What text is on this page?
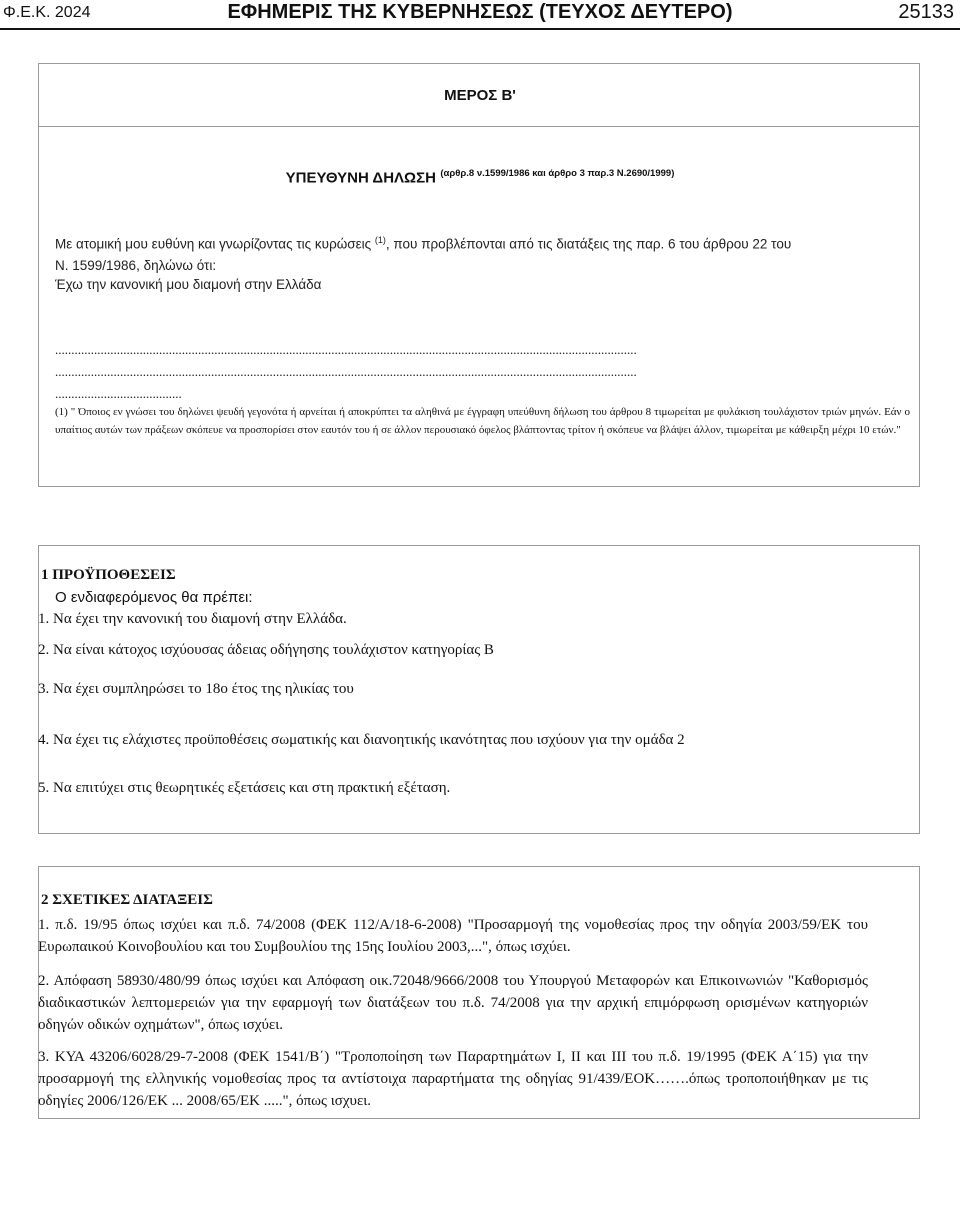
Φ.Ε.Κ. 2024	ΕΦΗΜΕΡΙΣ ΤΗΣ ΚΥΒΕΡΝΗΣΕΩΣ (ΤΕΥΧΟΣ ΔΕΥΤΕΡΟ)	25133
ΜΕΡΟΣ Β'
ΥΠΕΥΘΥΝΗ ΔΗΛΩΣΗ $^{(\alpha\rho\theta\rho.8 \nu.1599/1986 \kappa\alpha\iota ά\rho\theta\rho o 3 \pi\alpha\rho.3 N.2690/1999)}$
Με ατομική μου ευθύνη και γνωρίζοντας τις κυρώσεις $^{(1)}$, που προβλέπονται από τις διατάξεις της παρ. 6 του άρθρου 22 του
Ν. 1599/1986, δηλώνω ότι:
Έχω την κανονική μου διαμονή στην Ελλάδα
...................................................................................................................................................................................
...................................................................................................................................................................................
.......................................
(1) " Όποιος εν γνώσει του δηλώνει ψευδή γεγονότα ή αρνείται ή αποκρύπτει τα αληθινά με έγγραφη υπεύθυνη δήλωση του άρθρου 8 τιμωρείται με φυλάκιση τουλάχιστον τριών μηνών. Εάν ο υπαίτιος αυτών των πράξεων σκόπευε να προσπορίσει στον εαυτόν του ή σε άλλον περουσιακό όφελος βλάπτοντας τρίτον ή σκόπευε να βλάψει άλλον, τιμωρείται με κάθειρξη μέχρι 10 ετών."
1 ΠΡΟΫΠΟΘΕΣΕΙΣ
Ο ενδιαφερόμενος θα πρέπει:
1. Να έχει την κανονική του διαμονή στην Ελλάδα.
2. Να είναι κάτοχος ισχύουσας άδειας οδήγησης τουλάχιστον κατηγορίας Β
3. Να έχει συμπληρώσει το 18ο έτος της ηλικίας του
4. Να έχει τις ελάχιστες προϋποθέσεις σωματικής και διανοητικής ικανότητας που ισχύουν για την ομάδα 2
5. Να επιτύχει στις θεωρητικές εξετάσεις και στη πρακτική εξέταση.
2 ΣΧΕΤΙΚΕΣ ΔΙΑΤΑΞΕΙΣ
1. π.δ. 19/95 όπως ισχύει και π.δ. 74/2008 (ΦΕΚ 112/Α/18-6-2008) "Προσαρμογή της νομοθεσίας προς την οδηγία 2003/59/ΕΚ του Ευρωπαικού Κοινοβουλίου και του Συμβουλίου της 15ης Ιουλίου 2003,...", όπως ισχύει.
2. Απόφαση 58930/480/99 όπως ισχύει και Απόφαση οικ.72048/9666/2008 του Υπουργού Μεταφορών και Επικοινωνιών "Καθορισμός διαδικαστικών λεπτομερειών για την εφαρμογή των διατάξεων του π.δ. 74/2008 για την αρχική επιμόρφωση ορισμένων κατηγοριών οδηγών οδικών οχημάτων", όπως ισχύει.
3. ΚΥΑ 43206/6028/29-7-2008 (ΦΕΚ 1541/Β΄) "Τροποποίηση των Παραρτημάτων Ι, ΙΙ και ΙΙΙ του π.δ. 19/1995 (ΦΕΚ Α΄15) για την προσαρμογή της ελληνικής νομοθεσίας προς τα αντίστοιχα παραρτήματα της οδηγίας 91/439/ΕΟΚ…….όπως τροποποιήθηκαν με τις οδηγίες 2006/126/ΕΚ ... 2008/65/ΕΚ .....", όπως ισχυει.
